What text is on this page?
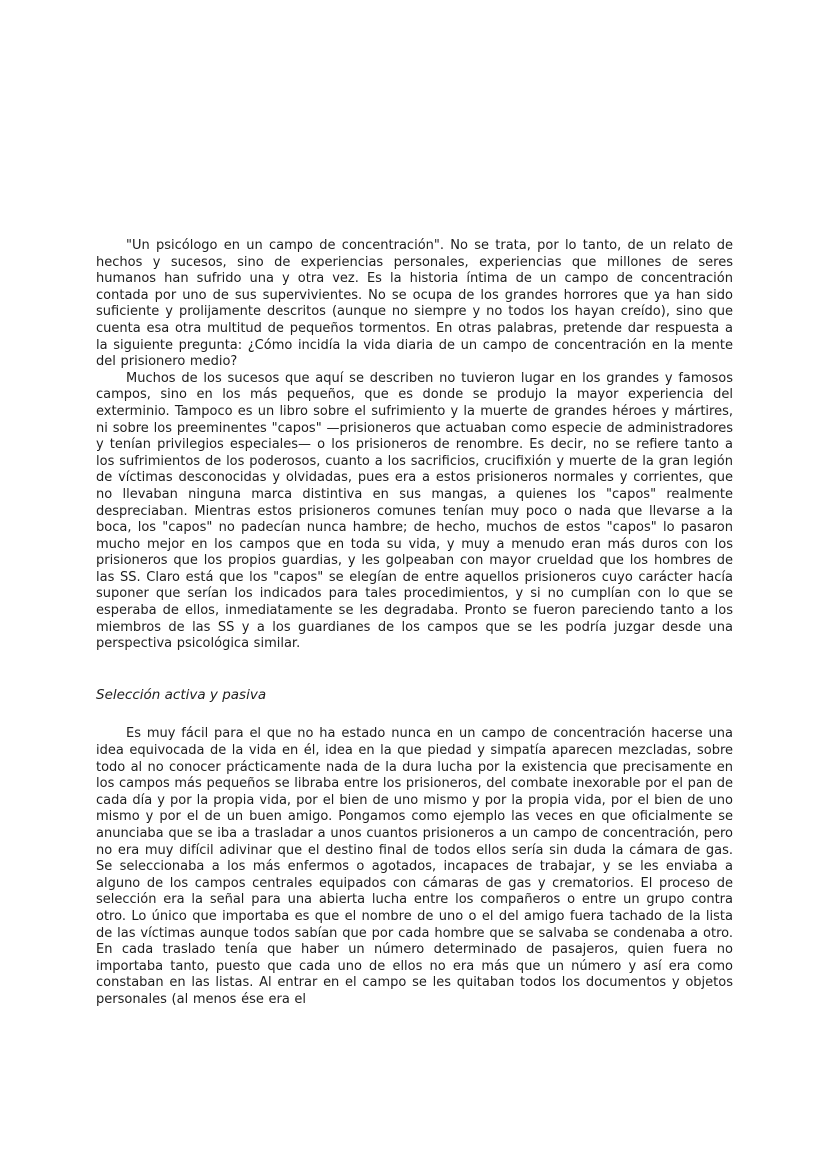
"Un psicólogo en un campo de concentración". No se trata, por lo tanto, de un relato de hechos y sucesos, sino de experiencias personales, experiencias que millones de seres humanos han sufrido una y otra vez. Es la historia íntima de un campo de concentración contada por uno de sus supervivientes. No se ocupa de los grandes horrores que ya han sido suficiente y prolijamente descritos (aunque no siempre y no todos los hayan creído), sino que cuenta esa otra multitud de pequeños tormentos. En otras palabras, pretende dar respuesta a la siguiente pregunta: ¿Cómo incidía la vida diaria de un campo de concentración en la mente del prisionero medio?

Muchos de los sucesos que aquí se describen no tuvieron lugar en los grandes y famosos campos, sino en los más pequeños, que es donde se produjo la mayor experiencia del exterminio. Tampoco es un libro sobre el sufrimiento y la muerte de grandes héroes y mártires, ni sobre los preeminentes "capos" —prisioneros que actuaban como especie de administradores y tenían privilegios especiales— o los prisioneros de renombre. Es decir, no se refiere tanto a los sufrimientos de los poderosos, cuanto a los sacrificios, crucifixión y muerte de la gran legión de víctimas desconocidas y olvidadas, pues era a estos prisioneros normales y corrientes, que no llevaban ninguna marca distintiva en sus mangas, a quienes los "capos" realmente despreciaban. Mientras estos prisioneros comunes tenían muy poco o nada que llevarse a la boca, los "capos" no padecían nunca hambre; de hecho, muchos de estos "capos" lo pasaron mucho mejor en los campos que en toda su vida, y muy a menudo eran más duros con los prisioneros que los propios guardias, y les golpeaban con mayor crueldad que los hombres de las SS. Claro está que los "capos" se elegían de entre aquellos prisioneros cuyo carácter hacía suponer que serían los indicados para tales procedimientos, y si no cumplían con lo que se esperaba de ellos, inmediatamente se les degradaba. Pronto se fueron pareciendo tanto a los miembros de las SS y a los guardianes de los campos que se les podría juzgar desde una perspectiva psicológica similar.

Selección activa y pasiva

Es muy fácil para el que no ha estado nunca en un campo de concentración hacerse una idea equivocada de la vida en él, idea en la que piedad y simpatía aparecen mezcladas, sobre todo al no conocer prácticamente nada de la dura lucha por la existencia que precisamente en los campos más pequeños se libraba entre los prisioneros, del combate inexorable por el pan de cada día y por la propia vida, por el bien de uno mismo y por la propia vida, por el bien de uno mismo y por el de un buen amigo. Pongamos como ejemplo las veces en que oficialmente se anunciaba que se iba a trasladar a unos cuantos prisioneros a un campo de concentración, pero no era muy difícil adivinar que el destino final de todos ellos sería sin duda la cámara de gas. Se seleccionaba a los más enfermos o agotados, incapaces de trabajar, y se les enviaba a alguno de los campos centrales equipados con cámaras de gas y crematorios. El proceso de selección era la señal para una abierta lucha entre los compañeros o entre un grupo contra otro. Lo único que importaba es que el nombre de uno o el del amigo fuera tachado de la lista de las víctimas aunque todos sabían que por cada hombre que se salvaba se condenaba a otro. En cada traslado tenía que haber un número determinado de pasajeros, quien fuera no importaba tanto, puesto que cada uno de ellos no era más que un número y así era como constaban en las listas. Al entrar en el campo se les quitaban todos los documentos y objetos personales (al menos ése era el
